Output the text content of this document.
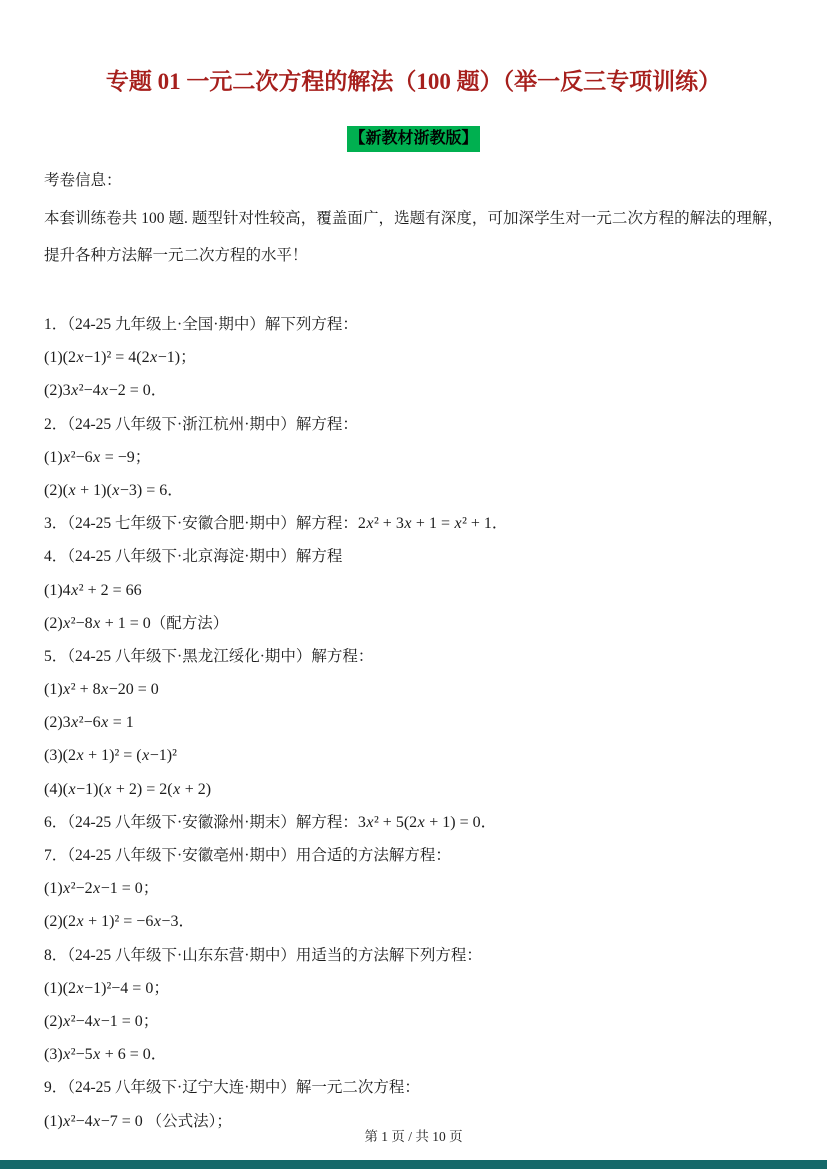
专题 01 一元二次方程的解法（100 题）（举一反三专项训练）
【新教材浙教版】
考卷信息：

本套训练卷共 100 题. 题型针对性较高，覆盖面广，选题有深度，可加深学生对一元二次方程的解法的理解，提升各种方法解一元二次方程的水平！

1．（24-25 九年级上·全国·期中）解下列方程：

(1)(2x−1)² = 4(2x−1)；

(2)3x²−4x−2 = 0．

2．（24-25 八年级下·浙江杭州·期中）解方程：

(1)x²−6x = −9；

(2)(x + 1)(x−3) = 6．

3．（24-25 七年级下·安徽合肥·期中）解方程：2x² + 3x + 1 = x² + 1．

4．（24-25 八年级下·北京海淀·期中）解方程

(1)4x² + 2 = 66

(2)x²−8x + 1 = 0（配方法）

5．（24-25 八年级下·黑龙江绥化·期中）解方程：

(1)x² + 8x−20 = 0

(2)3x²−6x = 1

(3)(2x + 1)² = (x−1)²

(4)(x−1)(x + 2) = 2(x + 2)

6．（24-25 八年级下·安徽滁州·期末）解方程：3x² + 5(2x + 1) = 0．

7．（24-25 八年级下·安徽亳州·期中）用合适的方法解方程：

(1)x²−2x−1 = 0；

(2)(2x + 1)² = −6x−3．

8．（24-25 八年级下·山东东营·期中）用适当的方法解下列方程：

(1)(2x−1)²−4 = 0；

(2)x²−4x−1 = 0；

(3)x²−5x + 6 = 0．

9．（24-25 八年级下·辽宁大连·期中）解一元二次方程：

(1)x²−4x−7 = 0 （公式法）；

第 1 页 / 共 10 页
